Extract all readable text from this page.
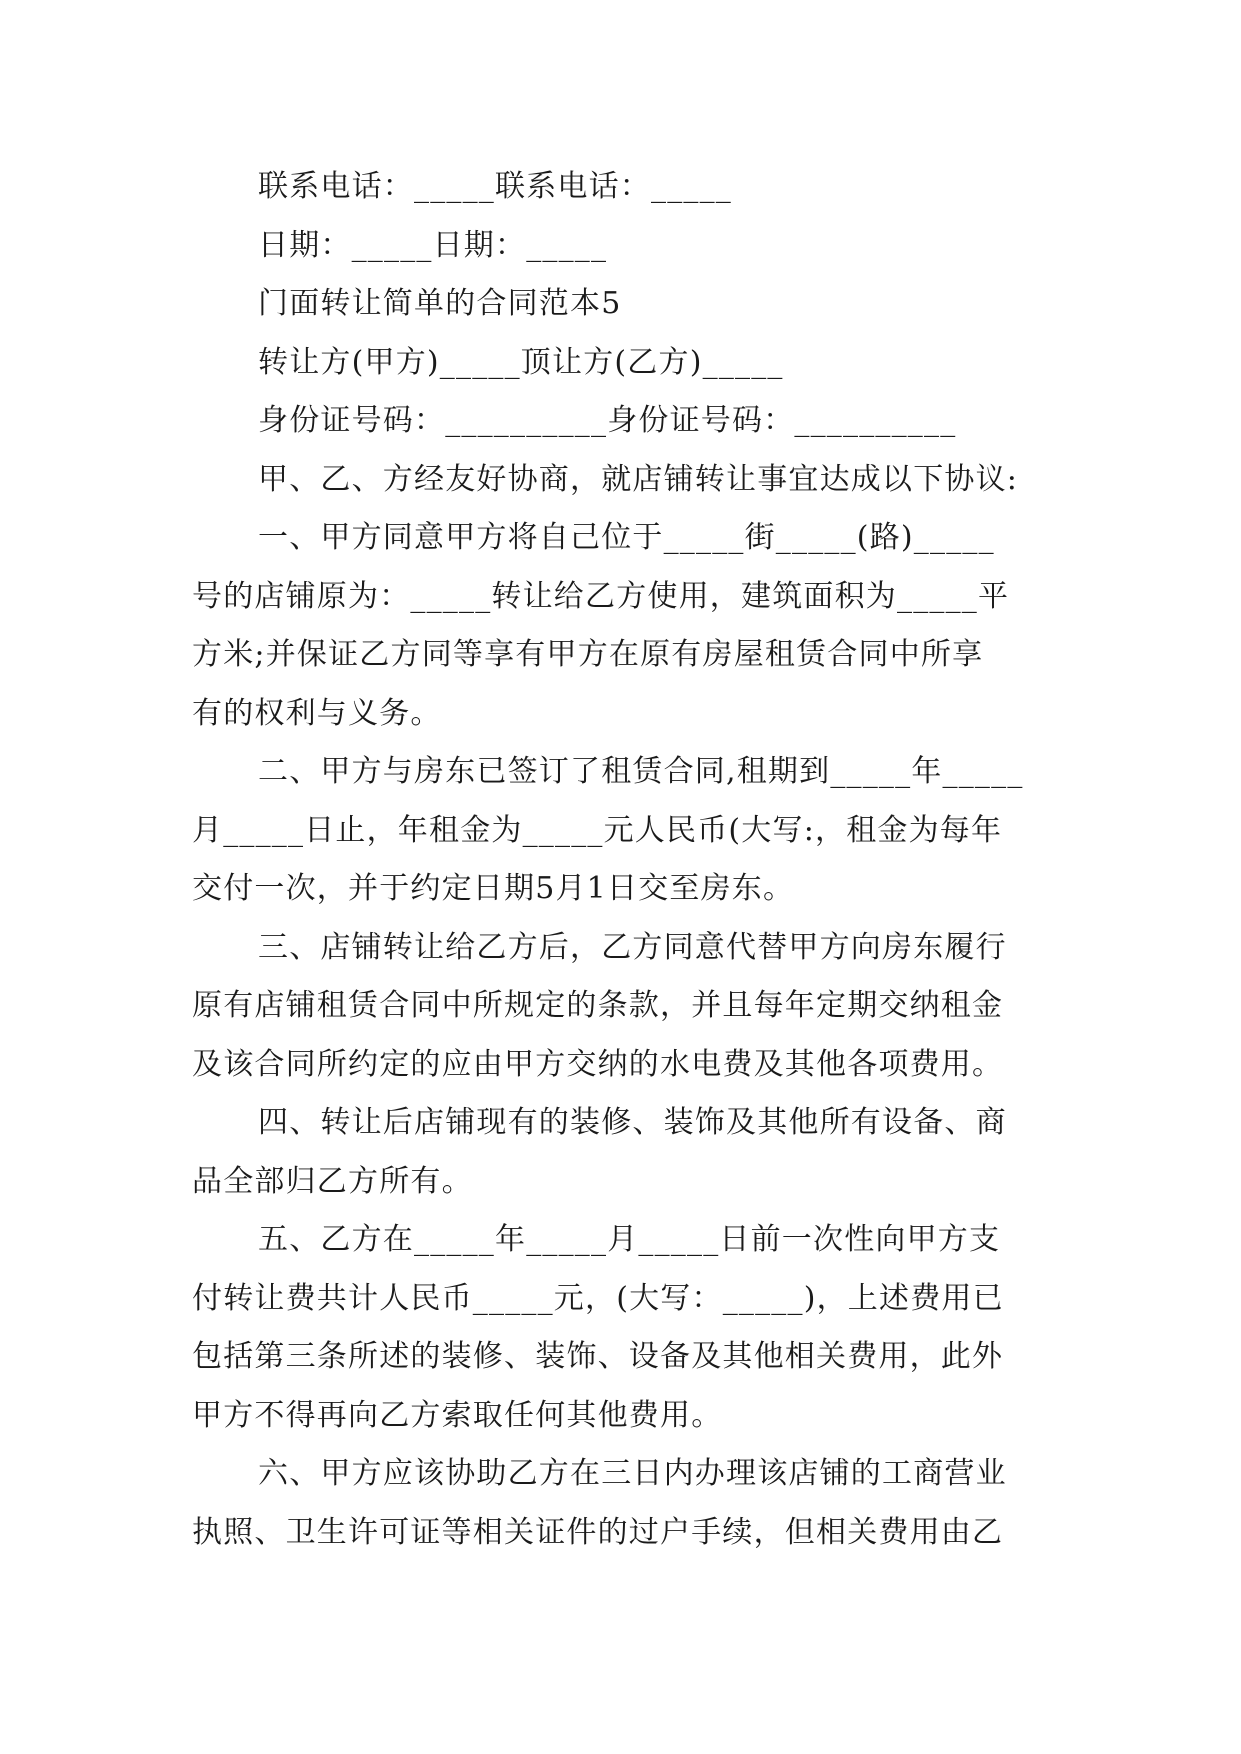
联系电话：_____联系电话：_____
日期：_____日期：_____
门面转让简单的合同范本5
转让方(甲方)_____顶让方(乙方)_____
身份证号码：__________身份证号码：__________
甲、乙、方经友好协商，就店铺转让事宜达成以下协议:
一、甲方同意甲方将自己位于_____街_____(路)_____
号的店铺原为：_____转让给乙方使用，建筑面积为_____平
方米;并保证乙方同等享有甲方在原有房屋租赁合同中所享
有的权利与义务。
二、甲方与房东已签订了租赁合同,租期到_____年_____
月_____日止，年租金为_____元人民币(大写:，租金为每年
交付一次，并于约定日期5月1日交至房东。
三、店铺转让给乙方后，乙方同意代替甲方向房东履行
原有店铺租赁合同中所规定的条款，并且每年定期交纳租金
及该合同所约定的应由甲方交纳的水电费及其他各项费用。
四、转让后店铺现有的装修、装饰及其他所有设备、商
品全部归乙方所有。
五、乙方在_____年_____月_____日前一次性向甲方支
付转让费共计人民币_____元，(大写：_____)，上述费用已
包括第三条所述的装修、装饰、设备及其他相关费用，此外
甲方不得再向乙方索取任何其他费用。
六、甲方应该协助乙方在三日内办理该店铺的工商营业
执照、卫生许可证等相关证件的过户手续，但相关费用由乙
